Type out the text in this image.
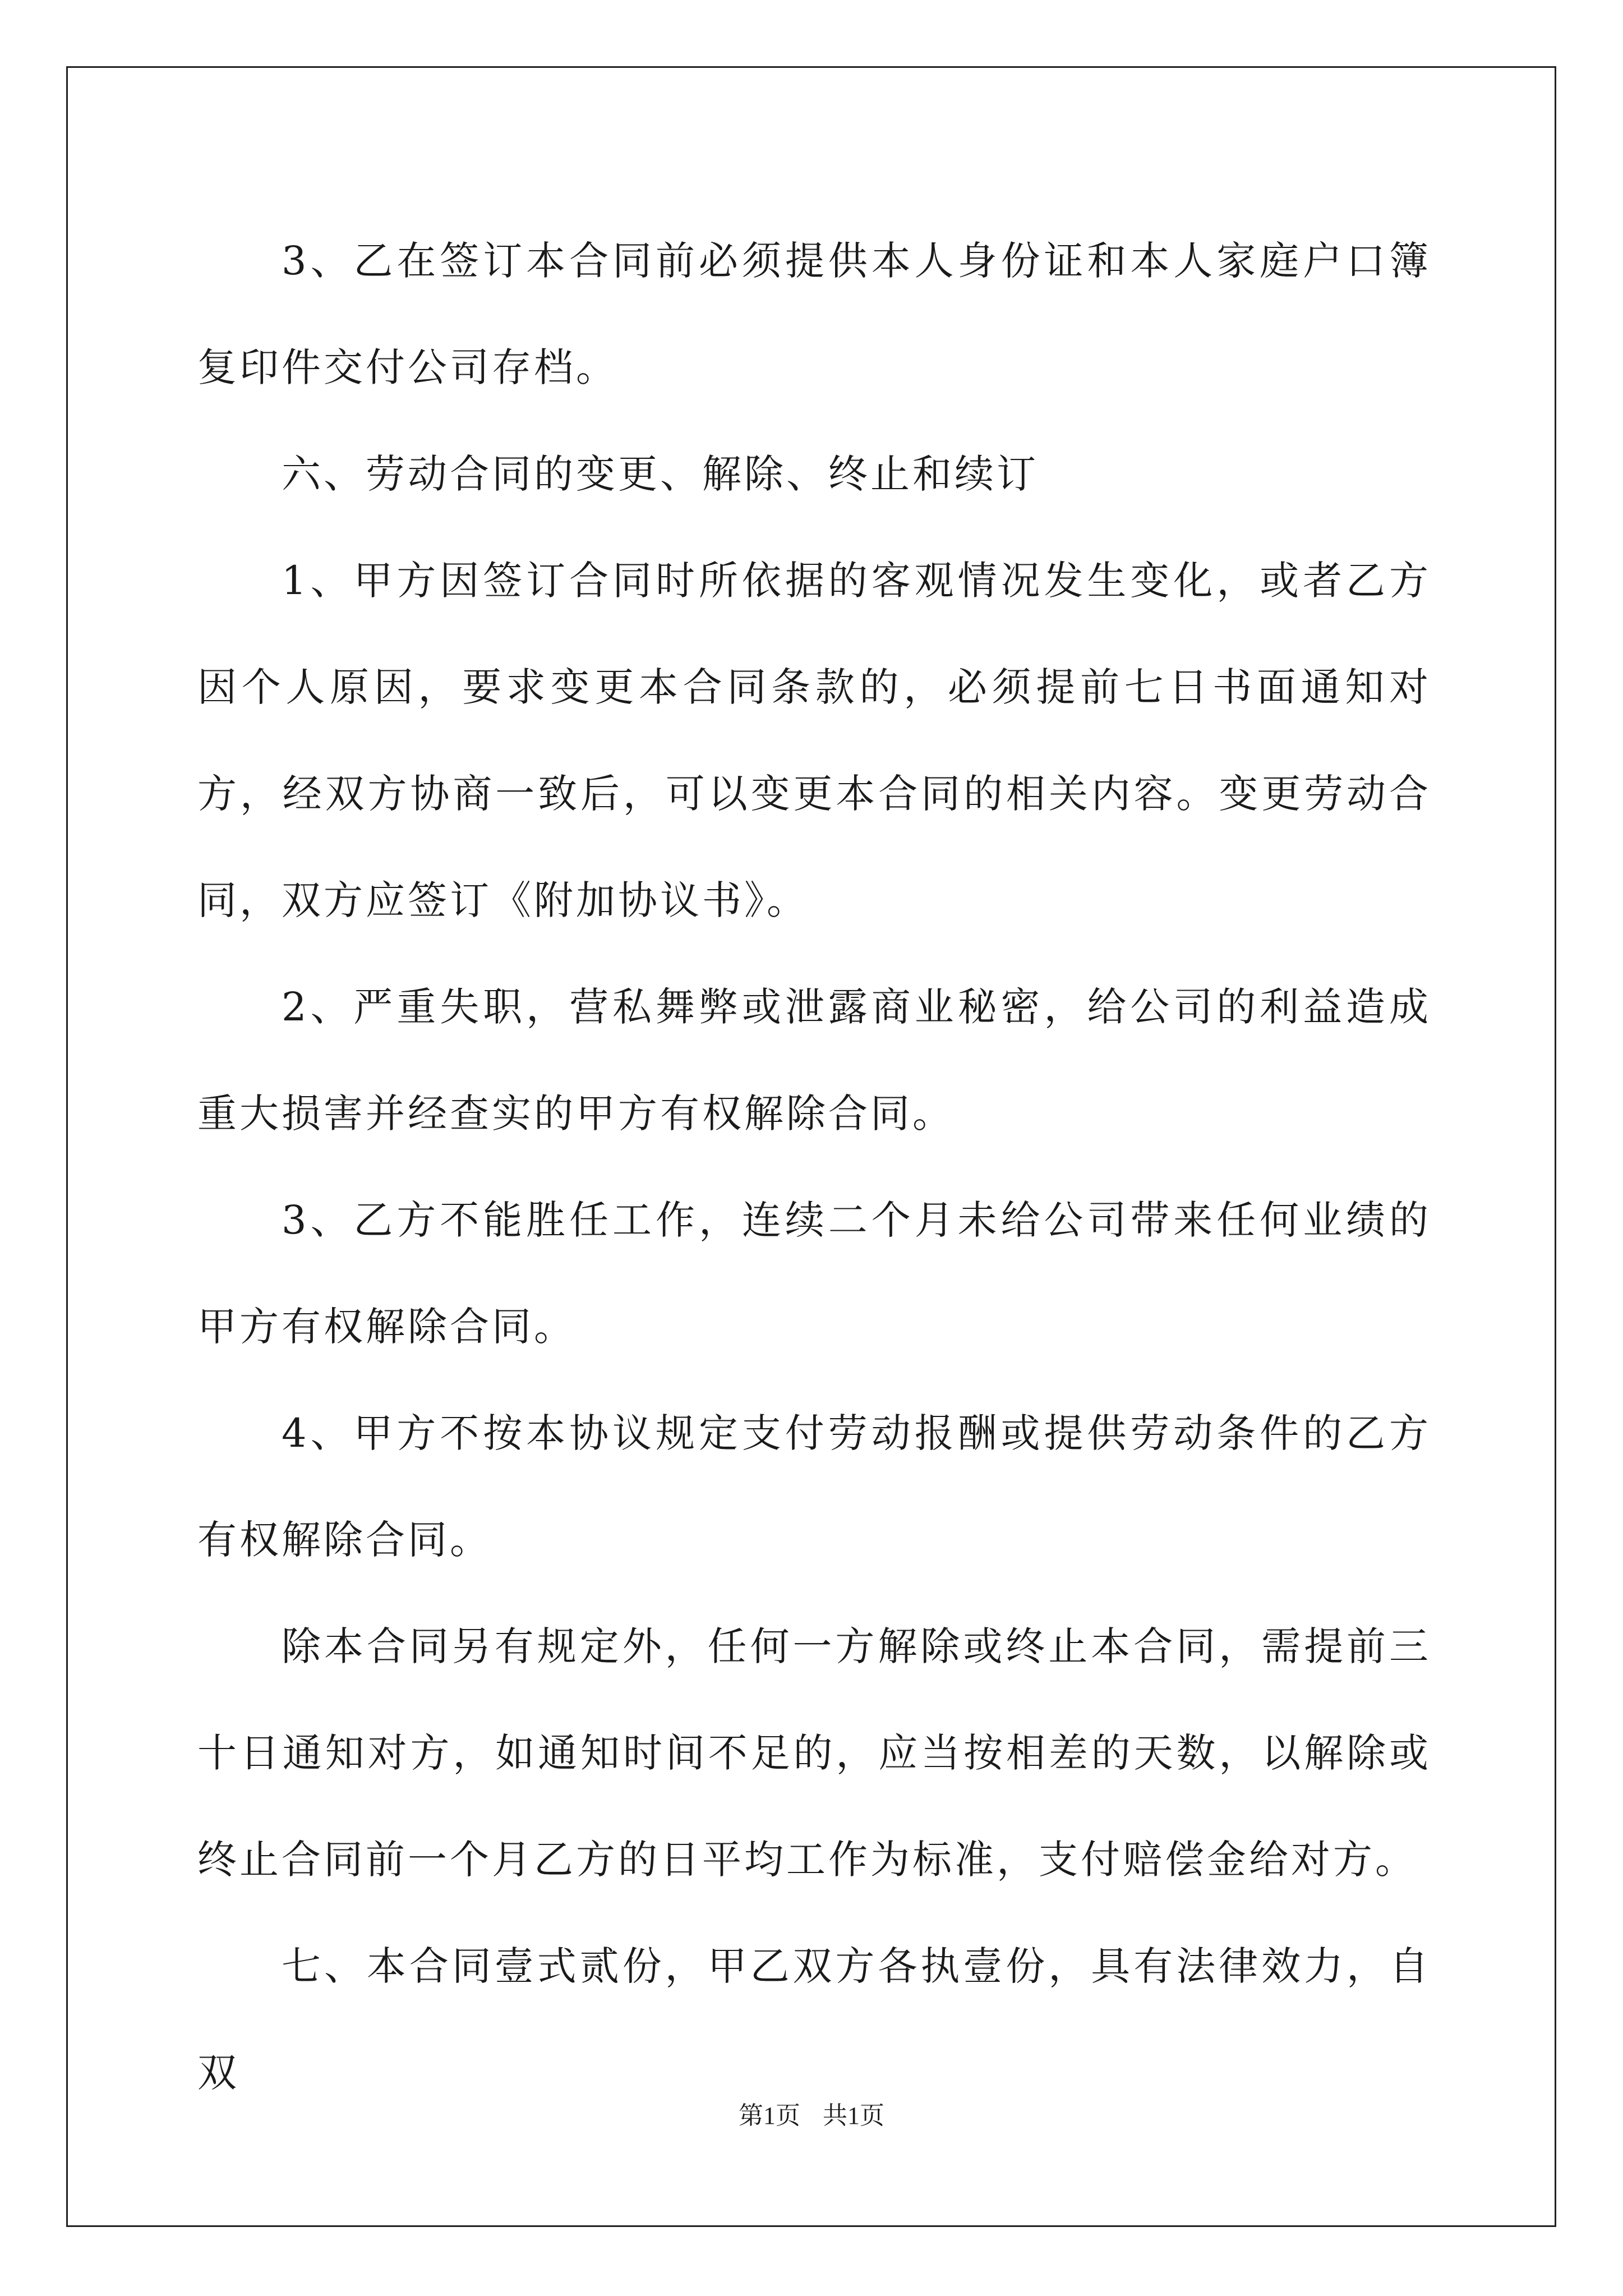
3、乙在签订本合同前必须提供本人身份证和本人家庭户口簿复印件交付公司存档。

六、劳动合同的变更、解除、终止和续订

1、甲方因签订合同时所依据的客观情况发生变化，或者乙方因个人原因，要求变更本合同条款的，必须提前七日书面通知对方，经双方协商一致后，可以变更本合同的相关内容。变更劳动合同，双方应签订《附加协议书》。

2、严重失职，营私舞弊或泄露商业秘密，给公司的利益造成重大损害并经查实的甲方有权解除合同。

3、乙方不能胜任工作，连续二个月未给公司带来任何业绩的甲方有权解除合同。

4、甲方不按本协议规定支付劳动报酬或提供劳动条件的乙方有权解除合同。

除本合同另有规定外，任何一方解除或终止本合同，需提前三十日通知对方，如通知时间不足的，应当按相差的天数，以解除或终止合同前一个月乙方的日平均工作为标准，支付赔偿金给对方。

七、本合同壹式贰份，甲乙双方各执壹份，具有法律效力，自双

第1页 共1页
